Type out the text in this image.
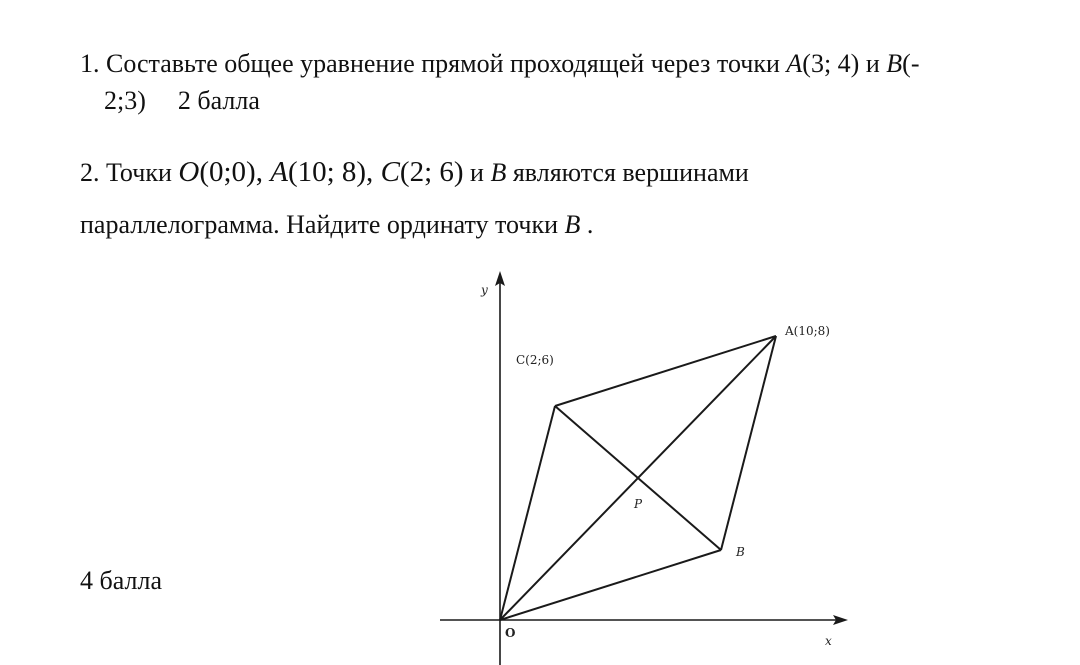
1. Составьте общее уравнение прямой проходящей через точки A(3; 4) и B(-
2;3) 2 балла
2. Точки O(0;0), A(10; 8), C(2; 6) и B являются вершинами
параллелограмма. Найдите ординату точки B .
4 балла
y
x
O
A(10;8)
C(2;6)
B
P
